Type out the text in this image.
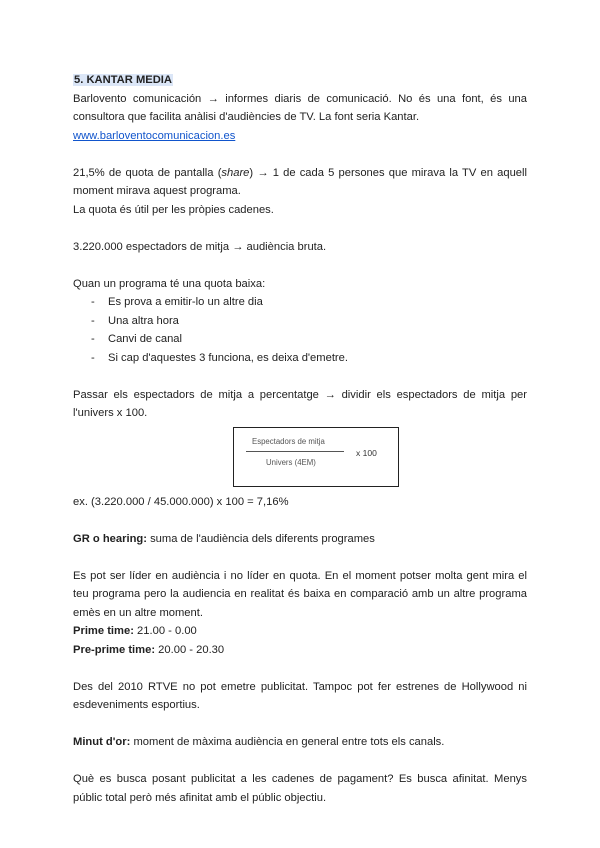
5. KANTAR MEDIA

Barlovento comunicación → informes diaris de comunicació. No és una font, és una consultora que facilita anàlisi d'audiències de TV. La font seria Kantar.

www.barloventocomunicacion.es

21,5% de quota de pantalla (share) → 1 de cada 5 persones que mirava la TV en aquell moment mirava aquest programa.

La quota és útil per les pròpies cadenes.

3.220.000 espectadors de mitja → audiència bruta.

Quan un programa té una quota baixa:

- Es prova a emitir-lo un altre dia
- Una altra hora
- Canvi de canal
- Si cap d'aquestes 3 funciona, es deixa d'emetre.

Passar els espectadors de mitja a percentatge → dividir els espectadors de mitja per l'univers x 100.

Espectadors de mitja
Univers (4EM)
x 100

ex. (3.220.000 / 45.000.000) x 100 = 7,16%

GR o hearing: suma de l'audiència dels diferents programes

Es pot ser líder en audiència i no líder en quota. En el moment potser molta gent mira el teu programa pero la audiencia en realitat és baixa en comparació amb un altre programa emès en un altre moment.

Prime time: 21.00 - 0.00

Pre-prime time: 20.00 - 20.30

Des del 2010 RTVE no pot emetre publicitat. Tampoc pot fer estrenes de Hollywood ni esdeveniments esportius.

Minut d'or: moment de màxima audiència en general entre tots els canals.

Què es busca posant publicitat a les cadenes de pagament? Es busca afinitat. Menys públic total però més afinitat amb el públic objectiu.
